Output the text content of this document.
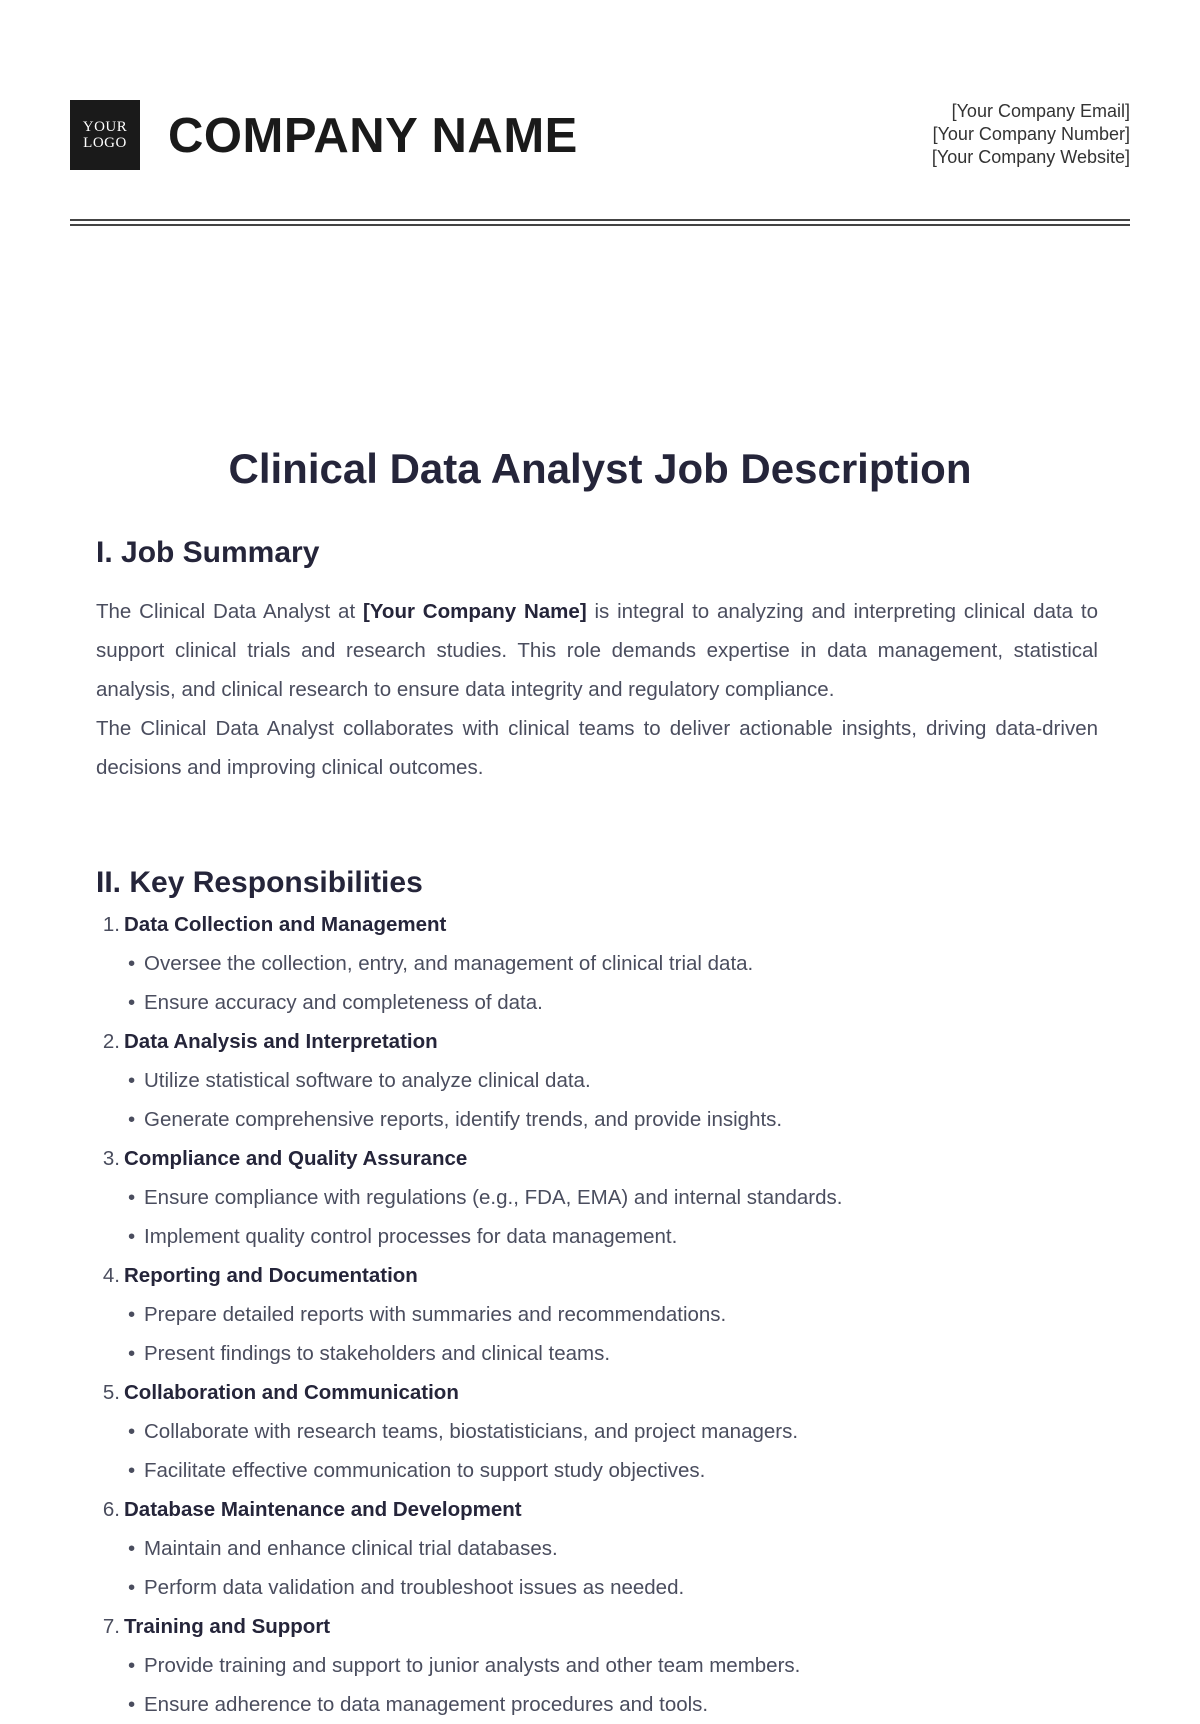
YOUR
LOGO COMPANY NAME	[Your Company Email]
[Your Company Number]
[Your Company Website]
Clinical Data Analyst Job Description
I. Job Summary

The Clinical Data Analyst at [Your Company Name] is integral to analyzing and interpreting clinical data to support clinical trials and research studies. This role demands expertise in data management, statistical analysis, and clinical research to ensure data integrity and regulatory compliance.

The Clinical Data Analyst collaborates with clinical teams to deliver actionable insights, driving data-driven decisions and improving clinical outcomes.

II. Key Responsibilities
1. Data Collection and Management
• Oversee the collection, entry, and management of clinical trial data.
• Ensure accuracy and completeness of data.
2. Data Analysis and Interpretation
• Utilize statistical software to analyze clinical data.
• Generate comprehensive reports, identify trends, and provide insights.
3. Compliance and Quality Assurance
• Ensure compliance with regulations (e.g., FDA, EMA) and internal standards.
• Implement quality control processes for data management.
4. Reporting and Documentation
• Prepare detailed reports with summaries and recommendations.
• Present findings to stakeholders and clinical teams.
5. Collaboration and Communication
• Collaborate with research teams, biostatisticians, and project managers.
• Facilitate effective communication to support study objectives.
6. Database Maintenance and Development
• Maintain and enhance clinical trial databases.
• Perform data validation and troubleshoot issues as needed.
7. Training and Support
• Provide training and support to junior analysts and other team members.
• Ensure adherence to data management procedures and tools.
